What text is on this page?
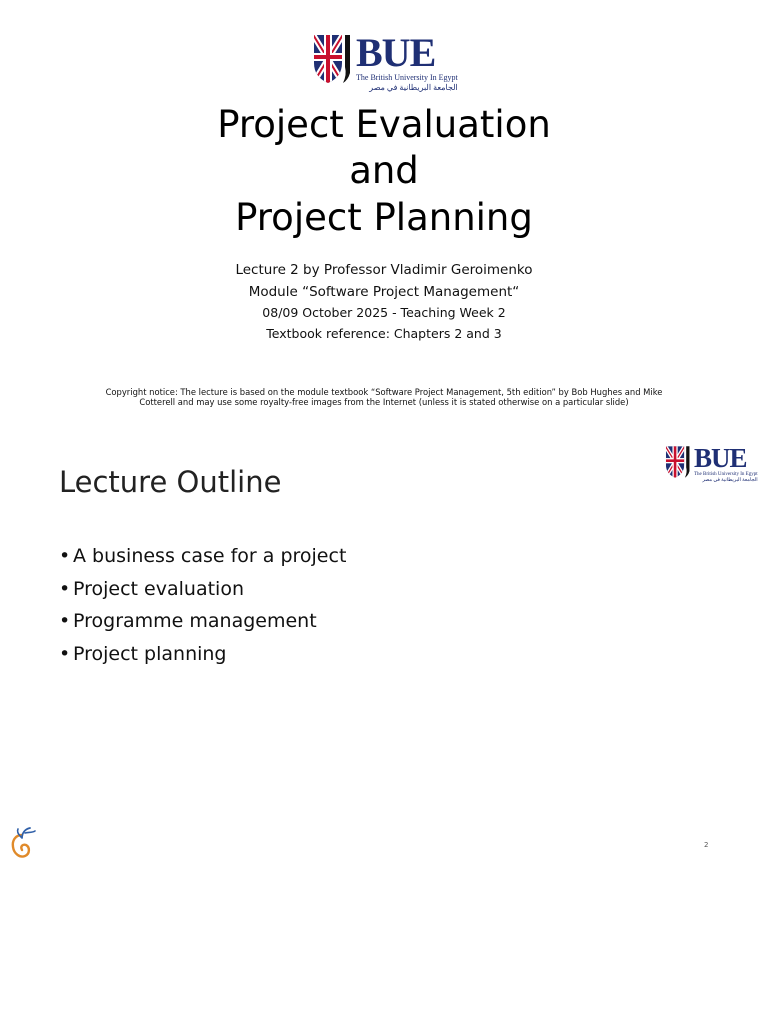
BUE
The British University In Egypt
الجامعة البريطانية في مصر
Project Evaluation
and
Project Planning
Lecture 2 by Professor Vladimir Geroimenko
Module “Software Project Management“
08/09 October 2025 - Teaching Week 2
Textbook reference: Chapters 2 and 3
Copyright notice: The lecture is based on the module textbook “Software Project Management, 5th edition” by Bob Hughes and Mike Cotterell and may use some royalty-free images from the Internet (unless it is stated otherwise on a particular slide)
BUE
The British University In Egypt
الجامعة البريطانية في مصر
Lecture Outline
• A business case for a project
• Project evaluation
• Programme management
• Project planning
2
